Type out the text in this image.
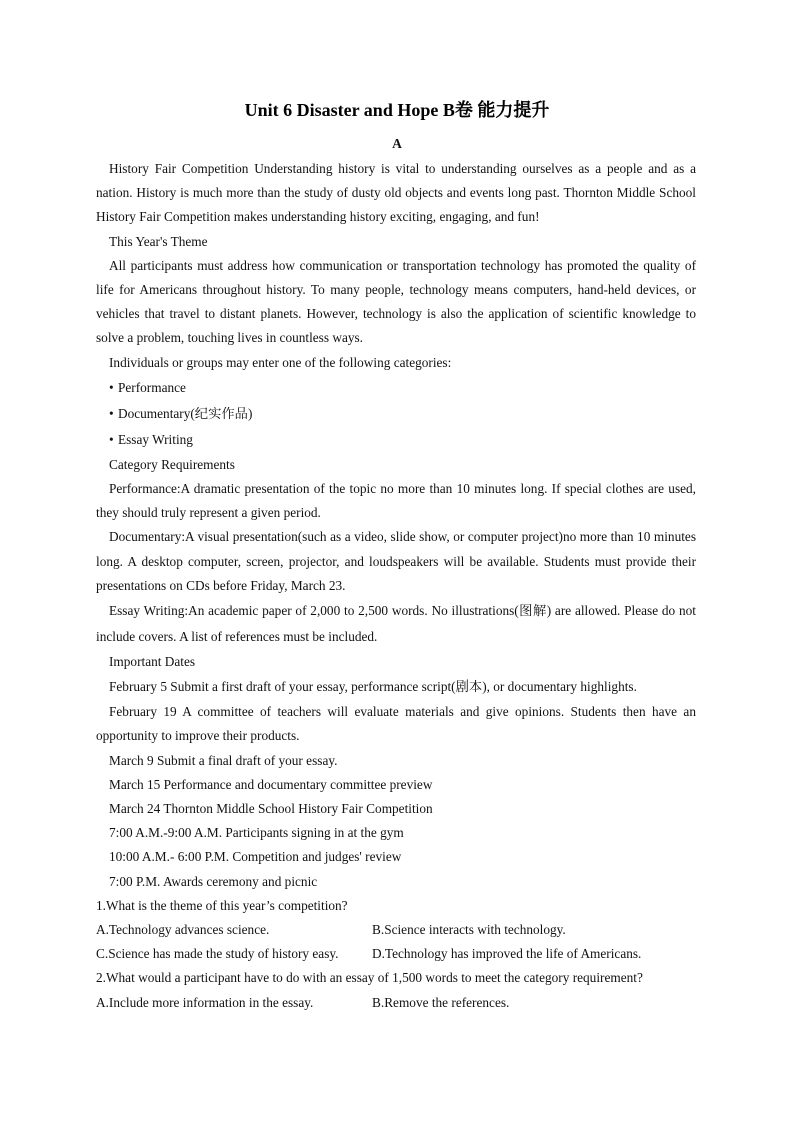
Unit 6 Disaster and Hope B卷 能力提升
A

History Fair Competition Understanding history is vital to understanding ourselves as a people and as a nation. History is much more than the study of dusty old objects and events long past. Thornton Middle School History Fair Competition makes understanding history exciting, engaging, and fun!

This Year's Theme

All participants must address how communication or transportation technology has promoted the quality of life for Americans throughout history. To many people, technology means computers, hand-held devices, or vehicles that travel to distant planets. However, technology is also the application of scientific knowledge to solve a problem, touching lives in countless ways.

Individuals or groups may enter one of the following categories:

• Performance

• Documentary(纪实作品)

• Essay Writing

Category Requirements

Performance:A dramatic presentation of the topic no more than 10 minutes long. If special clothes are used, they should truly represent a given period.

Documentary:A visual presentation(such as a video, slide show, or computer project)no more than 10 minutes long. A desktop computer, screen, projector, and loudspeakers will be available. Students must provide their presentations on CDs before Friday, March 23.

Essay Writing:An academic paper of 2,000 to 2,500 words. No illustrations(图解) are allowed. Please do not include covers. A list of references must be included.

Important Dates

February 5 Submit a first draft of your essay, performance script(剧本), or documentary highlights.

February 19 A committee of teachers will evaluate materials and give opinions. Students then have an opportunity to improve their products.

March 9 Submit a final draft of your essay.

March 15 Performance and documentary committee preview

March 24 Thornton Middle School History Fair Competition

7:00 A.M.-9:00 A.M. Participants signing in at the gym

10:00 A.M.- 6:00 P.M. Competition and judges' review

7:00 P.M. Awards ceremony and picnic

1.What is the theme of this year’s competition?

A.Technology advances science.	B.Science interacts with technology.
C.Science has made the study of history easy.	D.Technology has improved the life of Americans.

2.What would a participant have to do with an essay of 1,500 words to meet the category requirement?

A.Include more information in the essay.	B.Remove the references.
